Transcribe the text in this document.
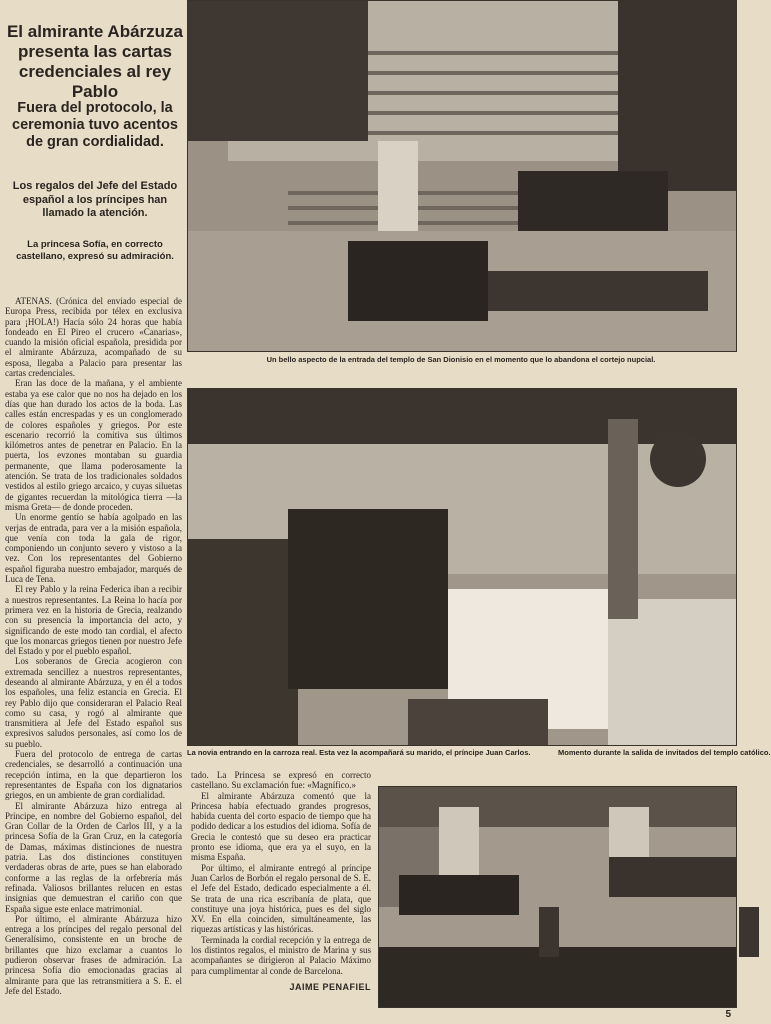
El almirante Abárzuza presenta las cartas credenciales al rey Pablo
Fuera del protocolo, la ceremonia tuvo acentos de gran cordialidad.
Los regalos del Jefe del Estado español a los príncipes han llamado la atención.
La princesa Sofía, en correcto castellano, expresó su admiración.
Un bello aspecto de la entrada del templo de San Dionisio en el momento que lo abandona el cortejo nupcial.
La novia entrando en la carroza real. Esta vez la acompañará su marido, el príncipe Juan Carlos.	Momento durante la salida de invitados del templo católico.

ATENAS. (Crónica del enviado especial de Europa Press, recibida por télex en exclusiva para ¡HOLA!) Hacía sólo 24 horas que había fondeado en El Pireo el crucero «Canarias», cuando la misión oficial española, presidida por el almirante Abárzuza, acompañado de su esposa, llegaba a Palacio para presentar las cartas credenciales.

Eran las doce de la mañana, y el ambiente estaba ya ese calor que no nos ha dejado en los días que han durado los actos de la boda. Las calles están encrespadas y es un conglomerado de colores españoles y griegos. Por este escenario recorrió la comitiva sus últimos kilómetros antes de penetrar en Palacio. En la puerta, los evzones montaban su guardia permanente, que llama poderosamente la atención. Se trata de los tradicionales soldados vestidos al estilo griego arcaico, y cuyas siluetas de gigantes recuerdan la mitológica tierra —la misma Greta— de donde proceden.

Un enorme gentío se había agolpado en las verjas de entrada, para ver a la misión española, que venía con toda la gala de rigor, componiendo un conjunto severo y vistoso a la vez. Con los representantes del Gobierno español figuraba nuestro embajador, marqués de Luca de Tena.

El rey Pablo y la reina Federica iban a recibir a nuestros representantes. La Reina lo hacía por primera vez en la historia de Grecia, realzando con su presencia la importancia del acto, y significando de este modo tan cordial, el afecto que los monarcas griegos tienen por nuestro Jefe del Estado y por el pueblo español.

Los soberanos de Grecia acogieron con extremada sencillez a nuestros representantes, deseando al almirante Abárzuza, y en él a todos los españoles, una feliz estancia en Grecia. El rey Pablo dijo que consideraran el Palacio Real como su casa, y rogó al almirante que transmitiera al Jefe del Estado español sus expresivos saludos personales, así como los de su pueblo.

Fuera del protocolo de entrega de cartas credenciales, se desarrolló a continuación una recepción íntima, en la que departieron los representantes de España con los dignatarios griegos, en un ambiente de gran cordialidad.

El almirante Abárzuza hizo entrega al Príncipe, en nombre del Gobierno español, del Gran Collar de la Orden de Carlos III, y a la princesa Sofía de la Gran Cruz, en la categoría de Damas, máximas distinciones de nuestra patria. Las dos distinciones constituyen verdaderas obras de arte, pues se han elaborado conforme a las reglas de la orfebrería más refinada. Valiosos brillantes relucen en estas insignias que demuestran el cariño con que España sigue este enlace matrimonial.

Por último, el almirante Abárzuza hizo entrega a los príncipes del regalo personal del Generalísimo, consistente en un broche de brillantes que hizo exclamar a cuantos lo pudieron observar frases de admiración. La princesa Sofía dio emocionadas gracias al almirante para que las retransmitiera a S. E. el Jefe del Estado.

tado. La Princesa se expresó en correcto castellano. Su exclamación fue: «Magnífico.»

El almirante Abárzuza comentó que la Princesa había efectuado grandes progresos, habida cuenta del corto espacio de tiempo que ha podido dedicar a los estudios del idioma. Sofía de Grecia le contestó que su deseo era practicar pronto ese idioma, que era ya el suyo, en la misma España.

Por último, el almirante entregó al príncipe Juan Carlos de Borbón el regalo personal de S. E. el Jefe del Estado, dedicado especialmente a él. Se trata de una rica escribanía de plata, que constituye una joya histórica, pues es del siglo XV. En ella coinciden, simultáneamente, las riquezas artísticas y las históricas.

Terminada la cordial recepción y la entrega de los distintos regalos, el ministro de Marina y sus acompañantes se dirigieron al Palacio Máximo para cumplimentar al conde de Barcelona.

JAIME PENAFIEL

5
